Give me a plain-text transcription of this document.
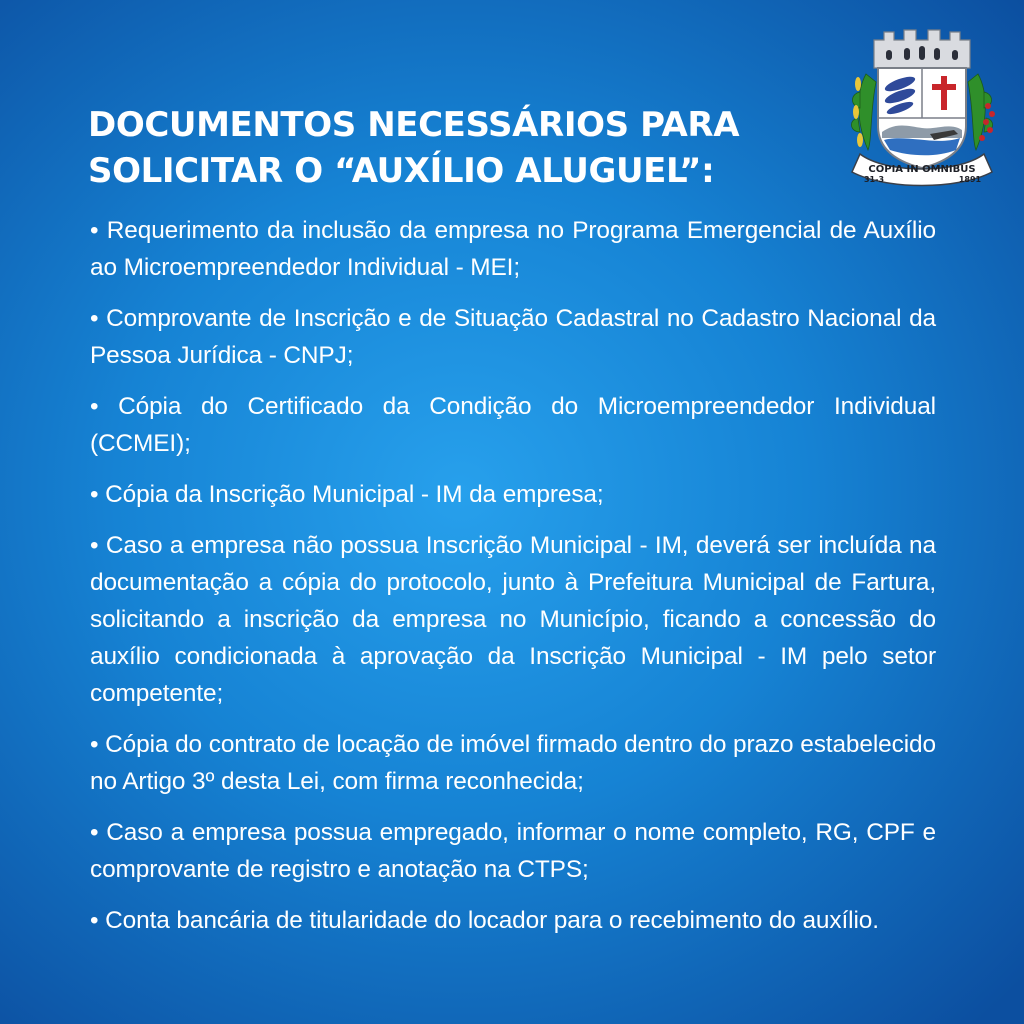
DOCUMENTOS NECESSÁRIOS PARA
SOLICITAR O “AUXÍLIO ALUGUEL”:	COPIA IN OMNIBUS
31-3	1891
• Requerimento da inclusão da empresa no Programa Emergencial de Auxílio ao Microempreendedor Individual - MEI;
• Comprovante de Inscrição e de Situação Cadastral no Cadastro Nacional da Pessoa Jurídica - CNPJ;
• Cópia do Certificado da Condição do Microempreendedor Individual (CCMEI);
• Cópia da Inscrição Municipal - IM da empresa;
• Caso a empresa não possua Inscrição Municipal - IM, deverá ser incluída na documentação a cópia do protocolo, junto à Prefeitura Municipal de Fartura, solicitando a inscrição da empresa no Município, ficando a concessão do auxílio condicionada à aprovação da Inscrição Municipal - IM pelo setor competente;
• Cópia do contrato de locação de imóvel firmado dentro do prazo estabelecido no Artigo 3º desta Lei, com firma reconhecida;
• Caso a empresa possua empregado, informar o nome completo, RG, CPF e comprovante de registro e anotação na CTPS;
• Conta bancária de titularidade do locador para o recebimento do auxílio.
